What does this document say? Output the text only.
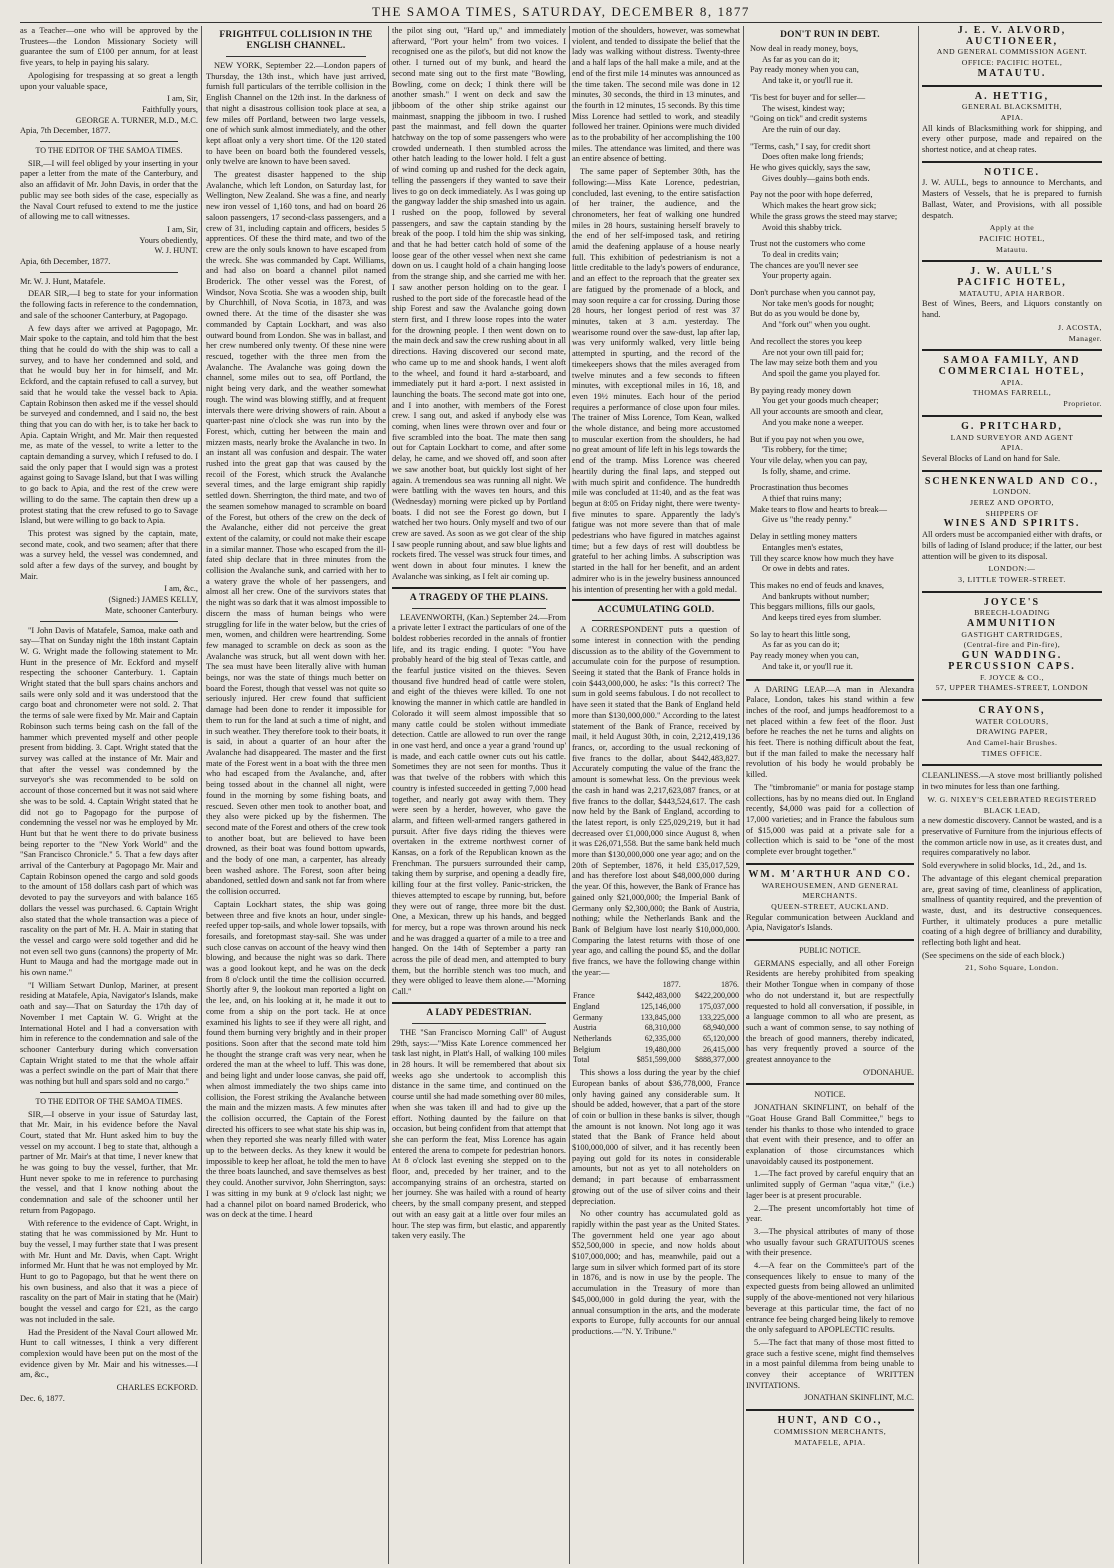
THE SAMOA TIMES, SATURDAY, DECEMBER 8, 1877

as a Teacher—one who will be approved by the Trustees—the London Missionary Society will guarantee the sum of £100 per annum, for at least five years, to help in paying his salary.

Apologising for trespassing at so great a length upon your valuable space,

I am, Sir,

Faithfully yours,

GEORGE A. TURNER, M.D., M.C.

Apia, 7th December, 1877.

TO THE EDITOR OF THE SAMOA TIMES.

SIR,—I will feel obliged by your inserting in your paper a letter from the mate of the Canterbury, and also an affidavit of Mr. John Davis, in order that the public may see both sides of the case, especially as the Naval Court refused to extend to me the justice of allowing me to call witnesses.

I am, Sir,

Yours obediently,

W. J. HUNT.

Apia, 6th December, 1877.

Mr. W. J. Hunt, Matafele.

DEAR SIR,—I beg to state for your information the following facts in reference to the condemnation, and sale of the schooner Canterbury, at Pagopago.

A few days after we arrived at Pagopago, Mr. Mair spoke to the captain, and told him that the best thing that he could do with the ship was to call a survey, and to have her condemned and sold, and that he would buy her in for himself, and Mr. Eckford, and the captain refused to call a survey, but said that he would take the vessel back to Apia. Captain Robinson then asked me if the vessel should be surveyed and condemned, and I said no, the best thing that you can do with her, is to take her back to Apia. Captain Wright, and Mr. Mair then requested me, as mate of the vessel, to write a letter to the captain demanding a survey, which I refused to do. I said the only paper that I would sign was a protest against going to Savage Island, but that I was willing to go back to Apia, and the rest of the crew were willing to do the same. The captain then drew up a protest stating that the crew refused to go to Savage Island, but were willing to go back to Apia.

This protest was signed by the captain, mate, second mate, cook, and two seamen; after that there was a survey held, the vessel was condemned, and sold after a few days of the survey, and bought by Mair.

I am, &c.,

(Signed:) JAMES KELLY,

Mate, schooner Canterbury.

"I John Davis of Matafele, Samoa, make oath and say—That on Sunday night the 18th instant Captain W. G. Wright made the following statement to Mr. Hunt in the presence of Mr. Eckford and myself respecting the schooner Canterbury. 1. Captain Wright stated that the bull spars chains anchors and sails were only sold and it was understood that the cargo boat and chronometer were not sold. 2. That the terms of sale were fixed by Mr. Mair and Captain Robinson such terms being cash on the fall of the hammer which prevented myself and other people present from bidding. 3. Capt. Wright stated that the survey was called at the instance of Mr. Mair and that after the vessel was condemned by the surveyor's she was recommended to be sold on account of those concerned but it was not said where she was to be sold. 4. Captain Wright stated that he did not go to Pagopago for the purpose of condemning the vessel nor was he employed by Mr. Hunt but that he went there to do private business being reporter to the "New York World" and the "San Francisco Chronicle." 5. That a few days after arrival of the Canterbury at Pagopago Mr. Mair and Captain Robinson opened the cargo and sold goods to the amount of 158 dollars cash part of which was devoted to pay the surveyors and with balance 165 dollars the vessel was purchased. 6. Captain Wright also stated that the whole transaction was a piece of rascality on the part of Mr. H. A. Mair in stating that the vessel and cargo were sold together and did he not even sell two guns (cannons) the property of Mr. Hunt to Mauga and had the mortgage made out in his own name."

"I William Setwart Dunlop, Mariner, at present residing at Matafele, Apia, Navigator's Islands, make oath and say—That on Saturday the 17th day of November I met Captain W. G. Wright at the International Hotel and I had a conversation with him in reference to the condemnation and sale of the schooner Canterbury during which conversation Captain Wright stated to me that the whole affair was a perfect swindle on the part of Mair that there was nothing but hull and spars sold and no cargo."

TO THE EDITOR OF THE SAMOA TIMES.

SIR,—I observe in your issue of Saturday last, that Mr. Mair, in his evidence before the Naval Court, stated that Mr. Hunt asked him to buy the vessel on my account. I beg to state that, although a partner of Mr. Mair's at that time, I never knew that he was going to buy the vessel, further, that Mr. Hunt never spoke to me in reference to purchasing the vessel, and that I know nothing about the condemnation and sale of the schooner until her return from Pagopago.

With reference to the evidence of Capt. Wright, in stating that he was commissioned by Mr. Hunt to buy the vessel, I may further state that I was present with Mr. Hunt and Mr. Davis, when Capt. Wright informed Mr. Hunt that he was not employed by Mr. Hunt to go to Pagopago, but that he went there on his own business, and also that it was a piece of rascality on the part of Mair in stating that he (Mair) bought the vessel and cargo for £21, as the cargo was not included in the sale.

Had the President of the Naval Court allowed Mr. Hunt to call witnesses, I think a very different complexion would have been put on the most of the evidence given by Mr. Mair and his witnesses.—I am, &c.,

CHARLES ECKFORD.

Dec. 6, 1877.

FRIGHTFUL COLLISION IN THE ENGLISH CHANNEL.

NEW YORK, September 22.—London papers of Thursday, the 13th inst., which have just arrived, furnish full particulars of the terrible collision in the English Channel on the 12th inst. In the darkness of that night a disastrous collision took place at sea, a few miles off Portland, between two large vessels, one of which sunk almost immediately, and the other kept afloat only a very short time. Of the 120 stated to have been on board both the foundered vessels, only twelve are known to have been saved.

The greatest disaster happened to the ship Avalanche, which left London, on Saturday last, for Wellington, New Zealand. She was a fine, and nearly new iron vessel of 1,160 tons, and had on board 26 saloon passengers, 17 second-class passengers, and a crew of 31, including captain and officers, besides 5 apprentices. Of these the third mate, and two of the crew are the only souls known to have escaped from the wreck. She was commanded by Capt. Williams, and had also on board a channel pilot named Broderick. The other vessel was the Forest, of Windsor, Nova Scotia. She was a wooden ship, built by Churchhill, of Nova Scotia, in 1873, and was owned there. At the time of the disaster she was commanded by Captain Lockhart, and was also outward bound from London. She was in ballast, and her crew numbered only twenty. Of these nine were rescued, together with the three men from the Avalanche. The Avalanche was going down the channel, some miles out to sea, off Portland, the night being very dark, and the weather somewhat rough. The wind was blowing stiffly, and at frequent intervals there were driving showers of rain. About a quarter-past nine o'clock she was run into by the Forest, which, cutting her between the main and mizzen masts, nearly broke the Avalanche in two. In an instant all was confusion and despair. The water rushed into the great gap that was caused by the recoil of the Forest, which struck the Avalanche several times, and the large emigrant ship rapidly settled down. Sherrington, the third mate, and two of the seamen somehow managed to scramble on board of the Forest, but others of the crew on the deck of the Avalanche, either did not perceive the great extent of the calamity, or could not make their escape in a similar manner. Those who escaped from the ill-fated ship declare that in three minutes from the collision the Avalanche sunk, and carried with her to a watery grave the whole of her passengers, and almost all her crew. One of the survivors states that the night was so dark that it was almost impossible to discern the mass of human beings who were struggling for life in the water below, but the cries of men, women, and children were heartrending. Some few managed to scramble on deck as soon as the Avalanche was struck, but all went down with her. The sea must have been literally alive with human beings, nor was the state of things much better on board the Forest, though that vessel was not quite so seriously injured. Her crew found that sufficient damage had been done to render it impossible for them to run for the land at such a time of night, and in such weather. They therefore took to their boats, it is said, in about a quarter of an hour after the Avalanche had disappeared. The master and the first mate of the Forest went in a boat with the three men who had escaped from the Avalanche, and, after being tossed about in the channel all night, were found in the morning by some fishing boats, and rescued. Seven other men took to another boat, and they also were picked up by the fishermen. The second mate of the Forest and others of the crew took to another boat, but are believed to have been drowned, as their boat was found bottom upwards, and the body of one man, a carpenter, has already been washed ashore. The Forest, soon after being abandoned, settled down and sank not far from where the collision occurred.

Captain Lockhart states, the ship was going between three and five knots an hour, under single-reefed upper top-sails, and whole lower topsails, with foresails, and foretopmast stay-sail. She was under such close canvas on account of the heavy wind then blowing, and because the night was so dark. There was a good lookout kept, and he was on the deck from 8 o'clock until the time the collision occurred. Shortly after 9, the lookout man reported a light on the lee, and, on his looking at it, he made it out to come from a ship on the port tack. He at once examined his lights to see if they were all right, and found them burning very brightly and in their proper positions. Soon after that the second mate told him he thought the strange craft was very near, when he ordered the man at the wheel to luff. This was done, and being light and under loose canvas, she paid off, when almost immediately the two ships came into collision, the Forest striking the Avalanche between the main and the mizzen masts. A few minutes after the collision occurred, the Captain of the Forest directed his officers to see what state his ship was in, when they reported she was nearly filled with water up to the between decks. As they knew it would be impossible to keep her afloat, he told the men to have the three boats launched, and save themselves as best they could. Another survivor, John Sherrington, says: I was sitting in my bunk at 9 o'clock last night; we had a channel pilot on board named Broderick, who was on deck at the time. I heard

the pilot sing out, "Hard up," and immediately afterward, "Port your helm" from two voices. I recognised one as the pilot's, but did not know the other. I turned out of my bunk, and heard the second mate sing out to the first mate "Bowling, Bowling, come on deck; I think there will be another smash." I went on deck and saw the jibboom of the other ship strike against our mainmast, snapping the jibboom in two. I rushed past the mainmast, and fell down the quarter hatchway on the top of some passengers who were crowded underneath. I then stumbled across the other hatch leading to the lower hold. I felt a gust of wind coming up and rushed for the deck again, telling the passengers if they wanted to save their lives to go on deck immediately. As I was going up the gangway ladder the ship smashed into us again. I rushed on the poop, followed by several passengers, and saw the captain standing by the break of the poop. I told him the ship was sinking, and that he had better catch hold of some of the loose gear of the other vessel when next she came down on us. I caught hold of a chain hanging loose from the strange ship, and she carried me with her. I saw another person holding on to the gear. I rushed to the port side of the forecastle head of the ship Forest and saw the Avalanche going down stern first, and I threw loose ropes into the water for the drowning people. I then went down on to the main deck and saw the crew rushing about in all directions. Having discovered our second mate, who came up to me and shook hands, I went aloft to the wheel, and found it hard a-starboard, and immediately put it hard a-port. I next assisted in launching the boats. The second mate got into one, and I into another, with members of the Forest crew. I sang out, and asked if anybody else was coming, when lines were thrown over and four or five scrambled into the boat. The mate then sang out for Captain Lockhart to come, and after some delay, he came, and we shoved off, and soon after we saw another boat, but quickly lost sight of her again. A tremendous sea was running all night. We were battling with the waves ten hours, and this (Wednesday) morning were picked up by Portland boats. I did not see the Forest go down, but I watched her two hours. Only myself and two of our crew are saved. As soon as we got clear of the ship I saw people running about, and saw blue lights and rockets fired. The vessel was struck four times, and went down in about four minutes. I knew the Avalanche was sinking, as I felt air coming up.

A TRAGEDY OF THE PLAINS.

LEAVENWORTH, (Kan.) September 24.—From a private letter I extract the particulars of one of the boldest robberies recorded in the annals of frontier life, and its tragic ending. I quote: "You have probably heard of the big steal of Texas cattle, and the fearful justice visited on the thieves. Seven thousand five hundred head of cattle were stolen, and eight of the thieves were killed. To one not knowing the manner in which cattle are handled in Colorado it will seem almost impossible that so many cattle could be stolen without immediate detection. Cattle are allowed to run over the range in one vast herd, and once a year a grand 'round up' is made, and each cattle owner cuts out his cattle. Sometimes they are not seen for months. Thus it was that twelve of the robbers with which this country is infested succeeded in getting 7,000 head together, and nearly got away with them. They were seen by a herder, however, who gave the alarm, and fifteen well-armed rangers gathered in pursuit. After five days riding the thieves were overtaken in the extreme northwest corner of Kansas, on a fork of the Republican known as the Frenchman. The pursuers surrounded their camp, taking them by surprise, and opening a deadly fire, killing four at the first volley. Panic-stricken, the thieves attempted to escape by running, but, before they were out of range, three more bit the dust. One, a Mexican, threw up his hands, and begged for mercy, but a rope was thrown around his neck and he was dragged a quarter of a mile to a tree and hanged. On the 14th of September a party ran across the pile of dead men, and attempted to bury them, but the horrible stench was too much, and they were obliged to leave them alone.—"Morning Call."

A LADY PEDESTRIAN.

THE "San Francisco Morning Call" of August 29th, says:—"Miss Kate Lorence commenced her task last night, in Platt's Hall, of walking 100 miles in 28 hours. It will be remembered that about six weeks ago she undertook to accomplish this distance in the same time, and continued on the course until she had made something over 80 miles, when she was taken ill and had to give up the effort. Nothing daunted by the failure on that occasion, but being confident from that attempt that she can perform the feat, Miss Lorence has again entered the arena to compete for pedestrian honors. At 8 o'clock last evening she stepped on to the floor, and, preceded by her trainer, and to the accompanying strains of an orchestra, started on her journey. She was hailed with a round of hearty cheers, by the small company present, and stepped out with an easy gait at a little over four miles an hour. The step was firm, but elastic, and apparently taken very easily. The

motion of the shoulders, however, was somewhat violent, and tended to dissipate the belief that the lady was walking without distress. Twenty-three and a half laps of the hall make a mile, and at the end of the first mile 14 minutes was announced as the time taken. The second mile was done in 12 minutes, 30 seconds, the third in 13 minutes, and the fourth in 12 minutes, 15 seconds. By this time Miss Lorence had settled to work, and steadily followed her trainer. Opinions were much divided as to the probability of her accomplishing the 100 miles. The attendance was limited, and there was an entire absence of betting.

The same paper of September 30th, has the following:—Miss Kate Lorence, pedestrian, concluded, last evening, to the entire satisfaction of her trainer, the audience, and the chronometers, her feat of walking one hundred miles in 28 hours, sustaining herself bravely to the end of her self-imposed task, and retiring amid the deafening applause of a house nearly full. This exhibition of pedestrianism is not a little creditable to the lady's powers of endurance, and an effect to the reproach that the greater sex are fatigued by the promenade of a block, and may soon require a car for crossing. During those 28 hours, her longest period of rest was 37 minutes, taken at 3 a.m. yesterday. The wearisome round over the saw-dust, lap after lap, was very uniformly walked, very little being attempted in spurting, and the record of the timekeepers shows that the miles averaged from twelve minutes and a few seconds to fifteen minutes, with exceptional miles in 16, 18, and even 19½ minutes. Each hour of the period requires a performance of close upon four miles. The trainer of Miss Lorence, Tom Kean, walked the whole distance, and being more accustomed to muscular exertion from the shoulders, he had no great amount of life left in his legs towards the end of the tramp. Miss Lorence was cheered heartily during the final laps, and stepped out with much spirit and confidence. The hundredth mile was concluded at 11:40, and as the feat was begun at 8:05 on Friday night, there were twenty-five minutes to spare. Apparently the lady's fatigue was not more severe than that of male pedestrians who have figured in matches against time; but a few days of rest will doubtless be grateful to her aching limbs. A subscription was started in the hall for her benefit, and an ardent admirer who is in the jewelry business announced his intention of presenting her with a gold medal.

ACCUMULATING GOLD.

A CORRESPONDENT puts a question of some interest in connection with the pending discussion as to the ability of the Government to accumulate coin for the purpose of resumption. Seeing it stated that the Bank of France holds in coin $443,000,000, he asks: "Is this correct? The sum in gold seems fabulous. I do not recollect to have seen it stated that the Bank of England held more than $130,000,000." According to the latest statement of the Bank of France, received by mail, it held August 30th, in coin, 2,212,419,136 francs, or, according to the usual reckoning of five francs to the dollar, about $442,483,827. Accurately computing the value of the franc the amount is somewhat less. On the previous week the cash in hand was 2,217,623,087 francs, or at five francs to the dollar, $443,524,617. The cash now held by the Bank of England, according to the latest report, is only £25,029,219, but it had decreased over £1,000,000 since August 8, when it was £26,071,558. But the same bank held much more than $130,000,000 one year ago; and on the 20th of September, 1876, it held £35,017,529, and has therefore lost about $48,000,000 during the year. Of this, however, the Bank of France has gained only $21,000,000; the Imperial Bank of Germany only $2,300,000; the Bank of Austria, nothing; while the Netherlands Bank and the Bank of Belgium have lost nearly $10,000,000. Comparing the latest returns with those of one year ago, and calling the pound $5, and the dollar five francs, we have the following change within the year:—

	1877.	1876.
France	$442,483,000	$422,200,000
England	125,146,000	175,037,000
Germany	133,845,000	133,225,000
Austria	68,310,000	68,940,000
Netherlands	62,335,000	65,120,000
Belgium	19,480,000	26,415,000
Total	$851,599,000	$888,377,000

This shows a loss during the year by the chief European banks of about $36,778,000, France only having gained any considerable sum. It should be added, however, that a part of the store of coin or bullion in these banks is silver, though the amount is not known. Not long ago it was stated that the Bank of France held about $100,000,000 of silver, and it has recently been paying out gold for its notes in considerable amounts, but not as yet to all noteholders on demand; in part because of embarrassment growing out of the use of silver coins and their depreciation.

No other country has accumulated gold as rapidly within the past year as the United States. The government held one year ago about $52,500,000 in specie, and now holds about $107,000,000; and has, meanwhile, paid out a large sum in silver which formed part of its store in 1876, and is now in use by the people. The accumulation in the Treasury of more than $45,000,000 in gold during the year, with the annual consumption in the arts, and the moderate exports to Europe, fully accounts for our annual productions.—"N. Y. Tribune."

DON'T RUN IN DEBT.

Now deal in ready money, boys,
As far as you can do it;
Pay ready money when you can,
And take it, or you'll rue it.
'Tis best for buyer and for seller—
The wisest, kindest way;
"Going on tick" and credit systems
Are the ruin of our day.
"Terms, cash," I say, for credit short
Does often make long friends;
He who gives quickly, says the saw,
Gives doubly—gains both ends.
Pay not the poor with hope deferred,
Which makes the heart grow sick;
While the grass grows the steed may starve;
Avoid this shabby trick.
Trust not the customers who come
To deal in credits vain;
The chances are you'll never see
Your property again.
Don't purchase when you cannot pay,
Nor take men's goods for nought;
But do as you would be done by,
And "fork out" when you ought.
And recollect the stores you keep
Are not your own till paid for;
The law may seize both them and you
And spoil the game you played for.
By paying ready money down
You get your goods much cheaper;
All your accounts are smooth and clear,
And you make none a weeper.
But if you pay not when you owe,
'Tis robbery, for the time;
Your vile delay, when you can pay,
Is folly, shame, and crime.
Procrastination thus becomes
A thief that ruins many;
Make tears to flow and hearts to break—
Give us "the ready penny."
Delay in settling money matters
Entangles men's estates,
Till they scarce know how much they have
Or owe in debts and rates.
This makes no end of feuds and knaves,
And bankrupts without number;
This beggars millions, fills our gaols,
And keeps tired eyes from slumber.
So lay to heart this little song,
As far as you can do it;
Pay ready money when you can,
And take it, or you'll rue it.

A DARING LEAP.—A man in Alexandra Palace, London, takes his stand within a few inches of the roof, and jumps headforemost to a net placed within a few feet of the floor. Just before he reaches the net he turns and alights on his feet. There is nothing difficult about the feat, but if the man failed to make the necessary half revolution of his body he would probably be killed.

The "timbromanie" or mania for postage stamp collections, has by no means died out. In England recently, $4,000 was paid for a collection of 17,000 varieties; and in France the fabulous sum of $15,000 was paid at a private sale for a collection which is said to be "one of the most complete ever brought together."

WM. M'ARTHUR AND CO.
WAREHOUSEMEN, AND GENERAL
MERCHANTS.
QUEEN-STREET, AUCKLAND.

Regular communication between Auckland and Apia, Navigator's Islands.

PUBLIC NOTICE.

GERMANS especially, and all other Foreign Residents are hereby prohibited from speaking their Mother Tongue when in company of those who do not understand it, but are respectfully requested to hold all conversation, if possible, in a language common to all who are present, as such a want of common sense, to say nothing of the breach of good manners, thereby indicated, has very frequently proved a source of the greatest annoyance to the

O'DONAHUE.

NOTICE.

JONATHAN SKINFLINT, on behalf of the "Goat House Grand Ball Committee," begs to tender his thanks to those who intended to grace that event with their presence, and to offer an explanation of those circumstances which unavoidably caused its postponement.

1.—The fact proved by careful enquiry that an unlimited supply of German "aqua vitæ," (i.e.) lager beer is at present procurable.

2.—The present uncomfortably hot time of year.

3.—The physical attributes of many of those who usually favour such GRATUITOUS scenes with their presence.

4.—A fear on the Committee's part of the consequences likely to ensue to many of the expected guests from being allowed an unlimited supply of the above-mentioned not very hilarious beverage at this particular time, the fact of no entrance fee being charged being likely to remove the only safeguard to APOPLECTIC results.

5.—The fact that many of those most fitted to grace such a festive scene, might find themselves in a most painful dilemma from being unable to convey their acceptance of WRITTEN INVITATIONS.

JONATHAN SKINFLINT, M.C.

HUNT, AND CO.,
COMMISSION MERCHANTS,
MATAFELE, APIA.
J. E. V. ALVORD,
AUCTIONEER,
AND GENERAL COMMISSION AGENT.
OFFICE: PACIFIC HOTEL,
MATAUTU.
A. HETTIG,
GENERAL BLACKSMITH,
APIA.

All kinds of Blacksmithing work for shipping, and every other purpose, made and repaired on the shortest notice, and at cheap rates.

NOTICE.

J. W. AULL, begs to announce to Merchants, and Masters of Vessels, that he is prepared to furnish Ballast, Water, and Provisions, with all possible despatch.

Apply at the
PACIFIC HOTEL,
Matautu.
J. W. AULL'S
PACIFIC HOTEL,
MATAUTU, APIA HARBOR.

Best of Wines, Beers, and Liquors constantly on hand.

J. ACOSTA,
Manager.
SAMOA FAMILY, AND COMMERCIAL HOTEL,
APIA.
THOMAS FARRELL,
Proprietor.
G. PRITCHARD,
LAND SURVEYOR AND AGENT
APIA.

Several Blocks of Land on hand for Sale.

SCHENKENWALD AND CO.,
LONDON.
JEREZ AND OPORTO,
SHIPPERS OF
WINES AND SPIRITS.

All orders must be accompanied either with drafts, or bills of lading of Island produce; if the latter, our best attention will be given to its disposal.

LONDON:—
3, LITTLE TOWER-STREET.
JOYCE'S
BREECH-LOADING
AMMUNITION
GASTIGHT CARTRIDGES,
(Central-fire and Pin-fire),
GUN WADDING.
PERCUSSION CAPS.
F. JOYCE & CO.,
57, UPPER THAMES-STREET, LONDON
CRAYONS,
WATER COLOURS,
DRAWING PAPER,
And Camel-hair Brushes.
TIMES OFFICE.

CLEANLINESS.—A stove most brilliantly polished in two minutes for less than one farthing.

W. G. NIXEY'S CELEBRATED REGISTERED BLACK LEAD,

a new domestic discovery. Cannot be wasted, and is a preservative of Furniture from the injurious effects of the common article now in use, as it creates dust, and requires comparatively no labor.

Sold everywhere in solid blocks, 1d., 2d., and 1s.

The advantage of this elegant chemical preparation are, great saving of time, cleanliness of application, smallness of quantity required, and the prevention of waste, dust, and its destructive consequences. Further, it ultimately produces a pure metallic coating of a high degree of brilliancy and durability, reflecting both light and heat.

(See specimens on the side of each block.)

21, Soho Square, London.
